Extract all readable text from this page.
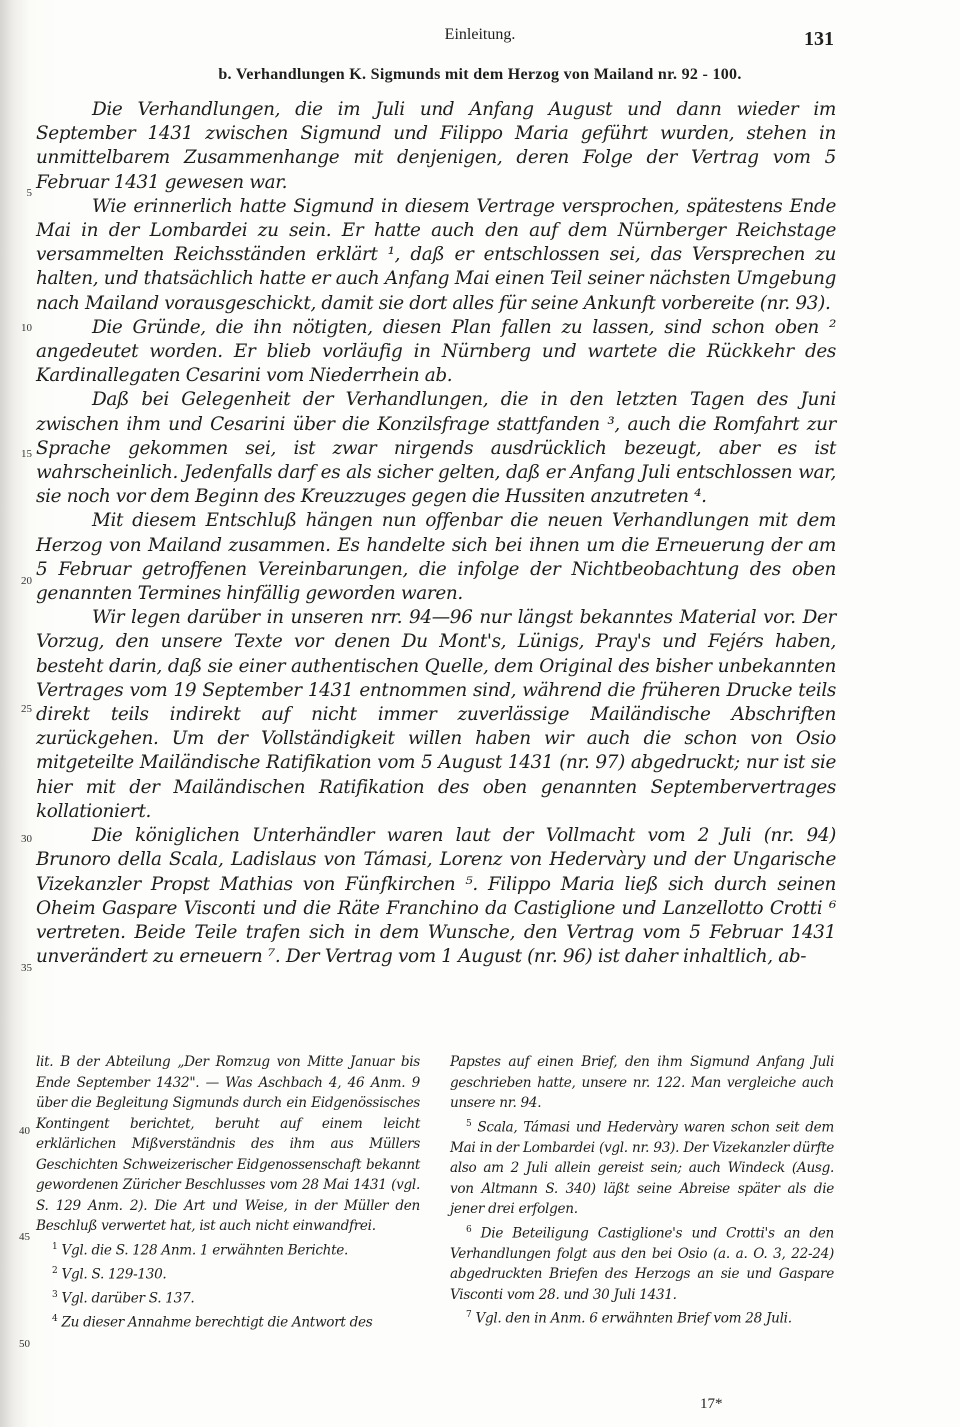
Einleitung.	131
b. Verhandlungen K. Sigmunds mit dem Herzog von Mailand nr. 92 - 100.

Die Verhandlungen, die im Juli und Anfang August und dann wieder im September 1431 zwischen Sigmund und Filippo Maria geführt wurden, stehen in unmittelbarem Zusammenhange mit denjenigen, deren Folge der Vertrag vom 5 Februar 1431 gewesen war.

Wie erinnerlich hatte Sigmund in diesem Vertrage versprochen, spätestens Ende Mai in der Lombardei zu sein. Er hatte auch den auf dem Nürnberger Reichstage versammelten Reichsständen erklärt ¹, daß er entschlossen sei, das Versprechen zu halten, und thatsächlich hatte er auch Anfang Mai einen Teil seiner nächsten Umgebung nach Mailand vorausgeschickt, damit sie dort alles für seine Ankunft vorbereite (nr. 93).

Die Gründe, die ihn nötigten, diesen Plan fallen zu lassen, sind schon oben ² angedeutet worden. Er blieb vorläufig in Nürnberg und wartete die Rückkehr des Kardinallegaten Cesarini vom Niederrhein ab.

Daß bei Gelegenheit der Verhandlungen, die in den letzten Tagen des Juni zwischen ihm und Cesarini über die Konzilsfrage stattfanden ³, auch die Romfahrt zur Sprache gekommen sei, ist zwar nirgends ausdrücklich bezeugt, aber es ist wahrscheinlich. Jedenfalls darf es als sicher gelten, daß er Anfang Juli entschlossen war, sie noch vor dem Beginn des Kreuzzuges gegen die Hussiten anzutreten ⁴.

Mit diesem Entschluß hängen nun offenbar die neuen Verhandlungen mit dem Herzog von Mailand zusammen. Es handelte sich bei ihnen um die Erneuerung der am 5 Februar getroffenen Vereinbarungen, die infolge der Nichtbeobachtung des oben genannten Termines hinfällig geworden waren.

Wir legen darüber in unseren nrr. 94—96 nur längst bekanntes Material vor. Der Vorzug, den unsere Texte vor denen Du Mont's, Lünigs, Pray's und Fejérs haben, besteht darin, daß sie einer authentischen Quelle, dem Original des bisher unbekannten Vertrages vom 19 September 1431 entnommen sind, während die früheren Drucke teils direkt teils indirekt auf nicht immer zuverlässige Mailändische Abschriften zurückgehen. Um der Vollständigkeit willen haben wir auch die schon von Osio mitgeteilte Mailändische Ratifikation vom 5 August 1431 (nr. 97) abgedruckt; nur ist sie hier mit der Mailändischen Ratifikation des oben genannten Septembervertrages kollationiert.

Die königlichen Unterhändler waren laut der Vollmacht vom 2 Juli (nr. 94) Brunoro della Scala, Ladislaus von Támasi, Lorenz von Hedervàry und der Ungarische Vizekanzler Propst Mathias von Fünfkirchen ⁵. Filippo Maria ließ sich durch seinen Oheim Gaspare Visconti und die Räte Franchino da Castiglione und Lanzellotto Crotti ⁶ vertreten. Beide Teile trafen sich in dem Wunsche, den Vertrag vom 5 Februar 1431 unverändert zu erneuern ⁷. Der Vertrag vom 1 August (nr. 96) ist daher inhaltlich, ab-

5
10
15
20
25
30
35

lit. B der Abteilung „Der Romzug von Mitte Januar bis Ende September 1432". — Was Aschbach 4, 46 Anm. 9 über die Begleitung Sigmunds durch ein Eidgenössisches Kontingent berichtet, beruht auf einem leicht erklärlichen Mißverständnis des ihm aus Müllers Geschichten Schweizerischer Eidgenossenschaft bekannt gewordenen Züricher Beschlusses vom 28 Mai 1431 (vgl. S. 129 Anm. 2). Die Art und Weise, in der Müller den Beschluß verwertet hat, ist auch nicht einwandfrei.

$^1$ Vgl. die S. 128 Anm. 1 erwähnten Berichte.

$^2$ Vgl. S. 129-130.

$^3$ Vgl. darüber S. 137.

$^4$ Zu dieser Annahme berechtigt die Antwort des

Papstes auf einen Brief, den ihm Sigmund Anfang Juli geschrieben hatte, unsere nr. 122. Man vergleiche auch unsere nr. 94.

$^5$ Scala, Támasi und Hedervàry waren schon seit dem Mai in der Lombardei (vgl. nr. 93). Der Vizekanzler dürfte also am 2 Juli allein gereist sein; auch Windeck (Ausg. von Altmann S. 340) läßt seine Abreise später als die jener drei erfolgen.

$^6$ Die Beteiligung Castiglione's und Crotti's an den Verhandlungen folgt aus den bei Osio (a. a. O. 3, 22-24) abgedruckten Briefen des Herzogs an sie und Gaspare Visconti vom 28. und 30 Juli 1431.

$^7$ Vgl. den in Anm. 6 erwähnten Brief vom 28 Juli.

40
45
50
17*
